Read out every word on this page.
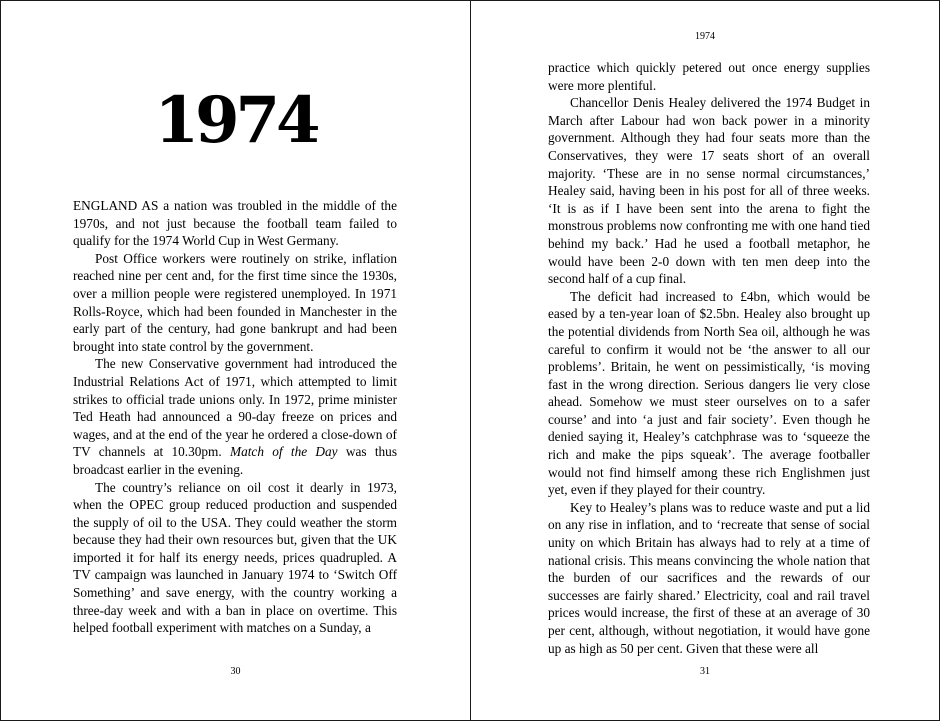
1974

ENGLAND AS a nation was troubled in the middle of the 1970s, and not just because the football team failed to qualify for the 1974 World Cup in West Germany.

Post Office workers were routinely on strike, inflation reached nine per cent and, for the first time since the 1930s, over a million people were registered unemployed. In 1971 Rolls-Royce, which had been founded in Manchester in the early part of the century, had gone bankrupt and had been brought into state control by the government.

The new Conservative government had introduced the Industrial Relations Act of 1971, which attempted to limit strikes to official trade unions only. In 1972, prime minister Ted Heath had announced a 90-day freeze on prices and wages, and at the end of the year he ordered a close-down of TV channels at 10.30pm. Match of the Day was thus broadcast earlier in the evening.

The country’s reliance on oil cost it dearly in 1973, when the OPEC group reduced production and suspended the supply of oil to the USA. They could weather the storm because they had their own resources but, given that the UK imported it for half its energy needs, prices quadrupled. A TV campaign was launched in January 1974 to ‘Switch Off Something’ and save energy, with the country working a three-day week and with a ban in place on overtime. This helped football experiment with matches on a Sunday, a

30
1974

practice which quickly petered out once energy supplies were more plentiful.

Chancellor Denis Healey delivered the 1974 Budget in March after Labour had won back power in a minority government. Although they had four seats more than the Conservatives, they were 17 seats short of an overall majority. ‘These are in no sense normal circumstances,’ Healey said, having been in his post for all of three weeks. ‘It is as if I have been sent into the arena to fight the monstrous problems now confronting me with one hand tied behind my back.’ Had he used a football metaphor, he would have been 2-0 down with ten men deep into the second half of a cup final.

The deficit had increased to £4bn, which would be eased by a ten-year loan of $2.5bn. Healey also brought up the potential dividends from North Sea oil, although he was careful to confirm it would not be ‘the answer to all our problems’. Britain, he went on pessimistically, ‘is moving fast in the wrong direction. Serious dangers lie very close ahead. Somehow we must steer ourselves on to a safer course’ and into ‘a just and fair society’. Even though he denied saying it, Healey’s catchphrase was to ‘squeeze the rich and make the pips squeak’. The average footballer would not find himself among these rich Englishmen just yet, even if they played for their country.

Key to Healey’s plans was to reduce waste and put a lid on any rise in inflation, and to ‘recreate that sense of social unity on which Britain has always had to rely at a time of national crisis. This means convincing the whole nation that the burden of our sacrifices and the rewards of our successes are fairly shared.’ Electricity, coal and rail travel prices would increase, the first of these at an average of 30 per cent, although, without negotiation, it would have gone up as high as 50 per cent. Given that these were all

31
